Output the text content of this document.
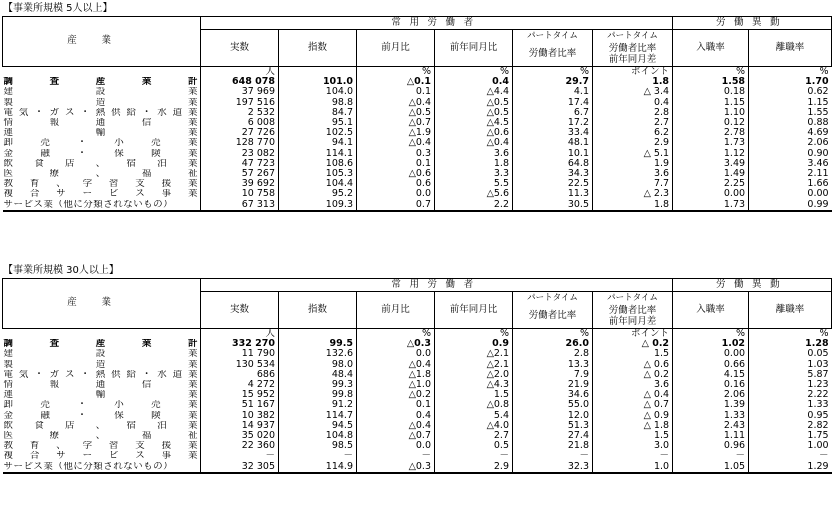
【事業所規模 5人以上】
産業	常用労働者						労働異動	
	実数	指数	前月比	前年同月比	パートタイム	パートタイム	入職率	離職率
					労働者比率	労働者比率
前年同月差		
	人		%	%	%	ポイント	%	%
調査産業計	648 078	101.0	△0.1	0.4	29.7	1.8	1.58	1.70
建設業	37 969	104.0	0.1	△4.4	4.1	△ 3.4	0.18	0.62
製造業	197 516	98.8	△0.4	△0.5	17.4	0.4	1.15	1.15
電気・ガス・熱供給・水道業	2 532	84.7	△0.5	△0.5	6.7	2.8	1.10	1.55
情報通信業	6 008	95.1	△0.7	△4.5	17.2	2.7	0.12	0.88
運輸業	27 726	102.5	△1.9	△0.6	33.4	6.2	2.78	4.69
卸売・小売業	128 770	94.1	△0.4	△0.4	48.1	2.9	1.73	2.06
金融・保険業	23 082	114.1	0.3	3.6	10.1	△ 5.1	1.12	0.90
飲食店、宿泊業	47 723	108.6	0.1	1.8	64.8	1.9	3.49	3.46
医療、福祉	57 267	105.3	△0.6	3.3	34.3	3.6	1.49	2.11
教育、学習支援業	39 692	104.4	0.6	5.5	22.5	7.7	2.25	1.66
複合サービス事業	10 758	95.2	0.0	△5.6	11.3	△ 2.3	0.00	0.00
サービス業（他に分類されないもの）	67 313	109.3	0.7	2.2	30.5	1.8	1.73	0.99
【事業所規模 30人以上】
産業	常用労働者						労働異動	
	実数	指数	前月比	前年同月比	パートタイム	パートタイム	入職率	離職率
					労働者比率	労働者比率
前年同月差		
	人		%	%	%	ポイント	%	%
調査産業計	332 270	99.5	△0.3	0.9	26.0	△ 0.2	1.02	1.28
建設業	11 790	132.6	0.0	△2.1	2.8	1.5	0.00	0.05
製造業	130 534	98.0	△0.4	△2.1	13.3	△ 0.6	0.66	1.03
電気・ガス・熱供給・水道業	686	48.4	△1.8	△2.0	7.9	△ 0.2	4.15	5.87
情報通信業	4 272	99.3	△1.0	△4.3	21.9	3.6	0.16	1.23
運輸業	15 952	99.8	△0.2	1.5	34.6	△ 0.4	2.06	2.22
卸売・小売業	51 167	91.2	0.1	△0.8	55.0	△ 0.7	1.39	1.33
金融・保険業	10 382	114.7	0.4	5.4	12.0	△ 0.9	1.33	0.95
飲食店、宿泊業	14 937	94.5	△0.4	△4.0	51.3	△ 1.8	2.43	2.82
医療、福祉	35 020	104.8	△0.7	2.7	27.4	1.5	1.11	1.75
教育、学習支援業	22 360	98.5	0.0	0.5	21.8	3.0	0.96	1.00
複合サービス事業	－	－	－	－	－	－	－	－
サービス業（他に分類されないもの）	32 305	114.9	△0.3	2.9	32.3	1.0	1.05	1.29
